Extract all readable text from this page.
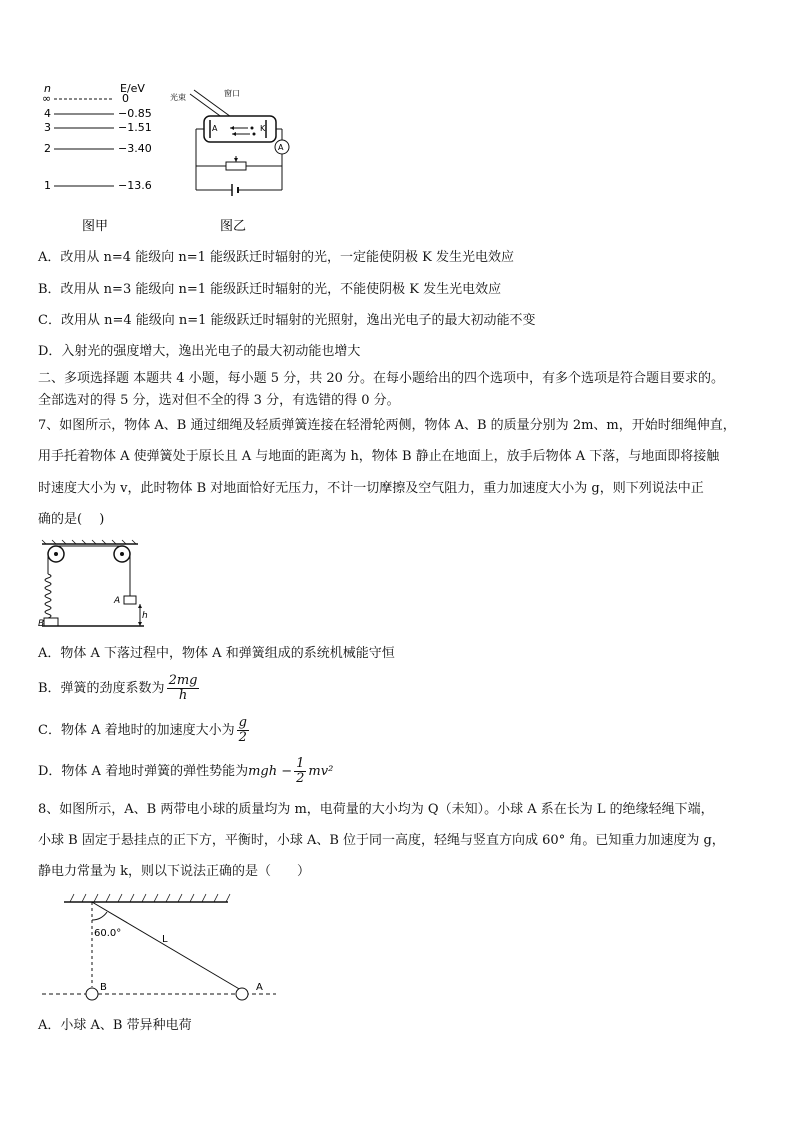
n	E/eV
∞	0
4	−0.85
3	−1.51
2	−3.40
1	−13.6
图甲
光束	窗口
A	K
A
图乙
A．改用从 n=4 能级向 n=1 能级跃迁时辐射的光，一定能使阴极 K 发生光电效应
B．改用从 n=3 能级向 n=1 能级跃迁时辐射的光，不能使阴极 K 发生光电效应
C．改用从 n=4 能级向 n=1 能级跃迁时辐射的光照射，逸出光电子的最大初动能不变
D．入射光的强度增大，逸出光电子的最大初动能也增大
二、多项选择题 本题共 4 小题，每小题 5 分，共 20 分。在每小题给出的四个选项中，有多个选项是符合题目要求的。
全部选对的得 5 分，选对但不全的得 3 分，有选错的得 0 分。
7、如图所示，物体 A、B 通过细绳及轻质弹簧连接在轻滑轮两侧，物体 A、B 的质量分别为 2m、m，开始时细绳伸直，
用手托着物体 A 使弹簧处于原长且 A 与地面的距离为 h，物体 B 静止在地面上，放手后物体 A 下落，与地面即将接触
时速度大小为 v，此时物体 B 对地面恰好无压力，不计一切摩擦及空气阻力，重力加速度大小为 g，则下列说法中正
确的是(　 )
B
A
h
A．物体 A 下落过程中，物体 A 和弹簧组成的系统机械能守恒
B．弹簧的劲度系数为 $\frac{2mg}{h}$
C．物体 A 着地时的加速度大小为 $\frac{g}{2}$
D．物体 A 着地时弹簧的弹性势能为mgh − $\frac{1}{2} mv^2$
8、如图所示，A、B 两带电小球的质量均为 m，电荷量的大小均为 Q（未知）。小球 A 系在长为 L 的绝缘轻绳下端，
小球 B 固定于悬挂点的正下方，平衡时，小球 A、B 位于同一高度，轻绳与竖直方向成 60° 角。已知重力加速度为 g，
静电力常量为 k，则以下说法正确的是（　　）
60.0°
L
B	A
A．小球 A、B 带异种电荷
